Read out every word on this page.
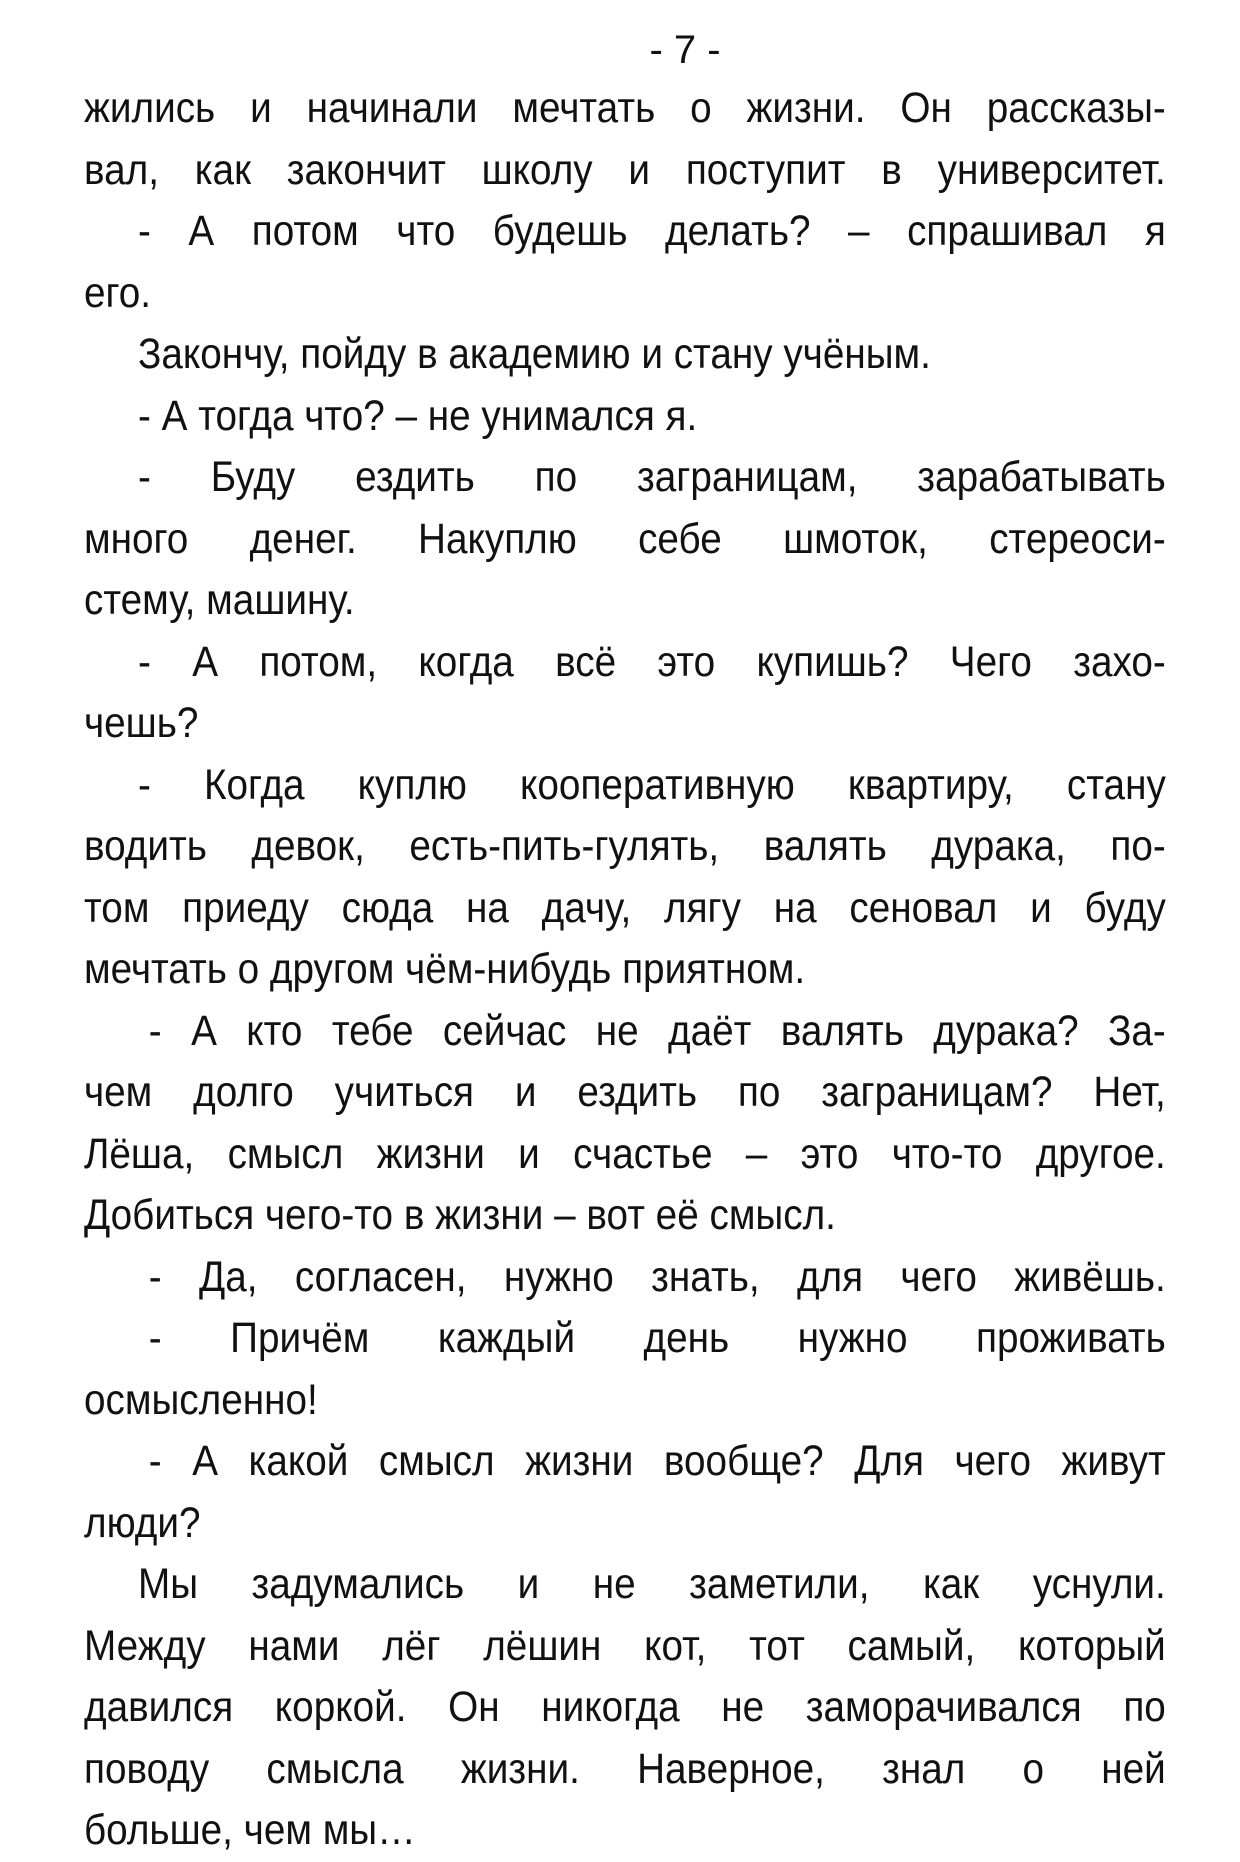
- 7 -
жились и начинали мечтать о жизни. Он рассказы-
вал, как закончит школу и поступит в университет.
- А потом что будешь делать? – спрашивал я
его.
Закончу, пойду в академию и стану учёным.
- А тогда что? – не унимался я.
- Буду ездить по заграницам, зарабатывать
много денег. Накуплю себе шмоток, стереоси-
стему, машину.
- А потом, когда всё это купишь? Чего захо-
чешь?
- Когда куплю кооперативную квартиру, стану
водить девок, есть-пить-гулять, валять дурака, по-
том приеду сюда на дачу, лягу на сеновал и буду
мечтать о другом чём-нибудь приятном.
- А кто тебе сейчас не даёт валять дурака? За-
чем долго учиться и ездить по заграницам? Нет,
Лёша, смысл жизни и счастье – это что-то другое.
Добиться чего-то в жизни – вот её смысл.
- Да, согласен, нужно знать, для чего живёшь.
- Причём каждый день нужно проживать
осмысленно!
- А какой смысл жизни вообще? Для чего живут
люди?
Мы задумались и не заметили, как уснули.
Между нами лёг лёшин кот, тот самый, который
давился коркой. Он никогда не заморачивался по
поводу смысла жизни. Наверное, знал о ней
больше, чем мы…
